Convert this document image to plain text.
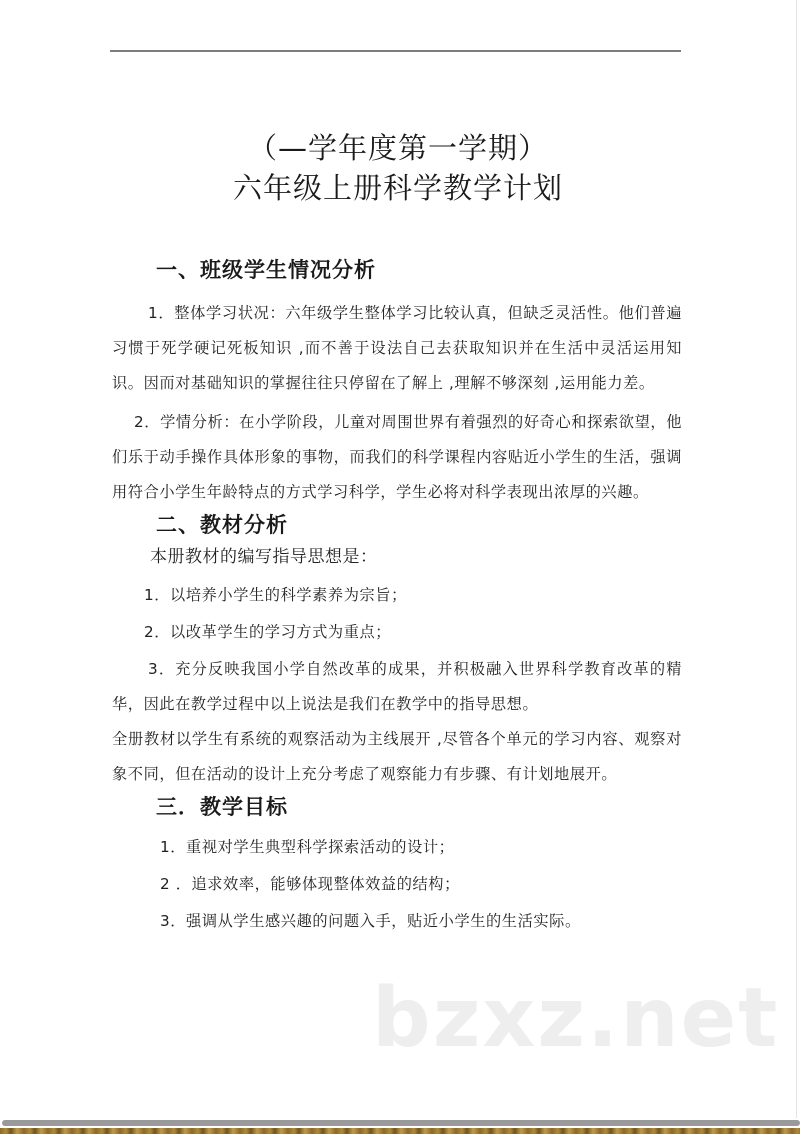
（—学年度第一学期）

六年级上册科学教学计划

一、班级学生情况分析

1．整体学习状况：六年级学生整体学习比较认真，但缺乏灵活性。他们普遍习惯于死学硬记死板知识 ,而不善于设法自己去获取知识并在生活中灵活运用知识。因而对基础知识的掌握往往只停留在了解上 ,理解不够深刻 ,运用能力差。

2．学情分析：在小学阶段，儿童对周围世界有着强烈的好奇心和探索欲望，他们乐于动手操作具体形象的事物，而我们的科学课程内容贴近小学生的生活，强调用符合小学生年龄特点的方式学习科学，学生必将对科学表现出浓厚的兴趣。

二、教材分析

本册教材的编写指导思想是：

1．以培养小学生的科学素养为宗旨；

2．以改革学生的学习方式为重点；

3．充分反映我国小学自然改革的成果，并积极融入世界科学教育改革的精华，因此在教学过程中以上说法是我们在教学中的指导思想。

全册教材以学生有系统的观察活动为主线展开 ,尽管各个单元的学习内容、观察对象不同，但在活动的设计上充分考虑了观察能力有步骤、有计划地展开。

三．教学目标

1．重视对学生典型科学探索活动的设计；

2 ．追求效率，能够体现整体效益的结构；

3．强调从学生感兴趣的问题入手，贴近小学生的生活实际。

bzxz.net
